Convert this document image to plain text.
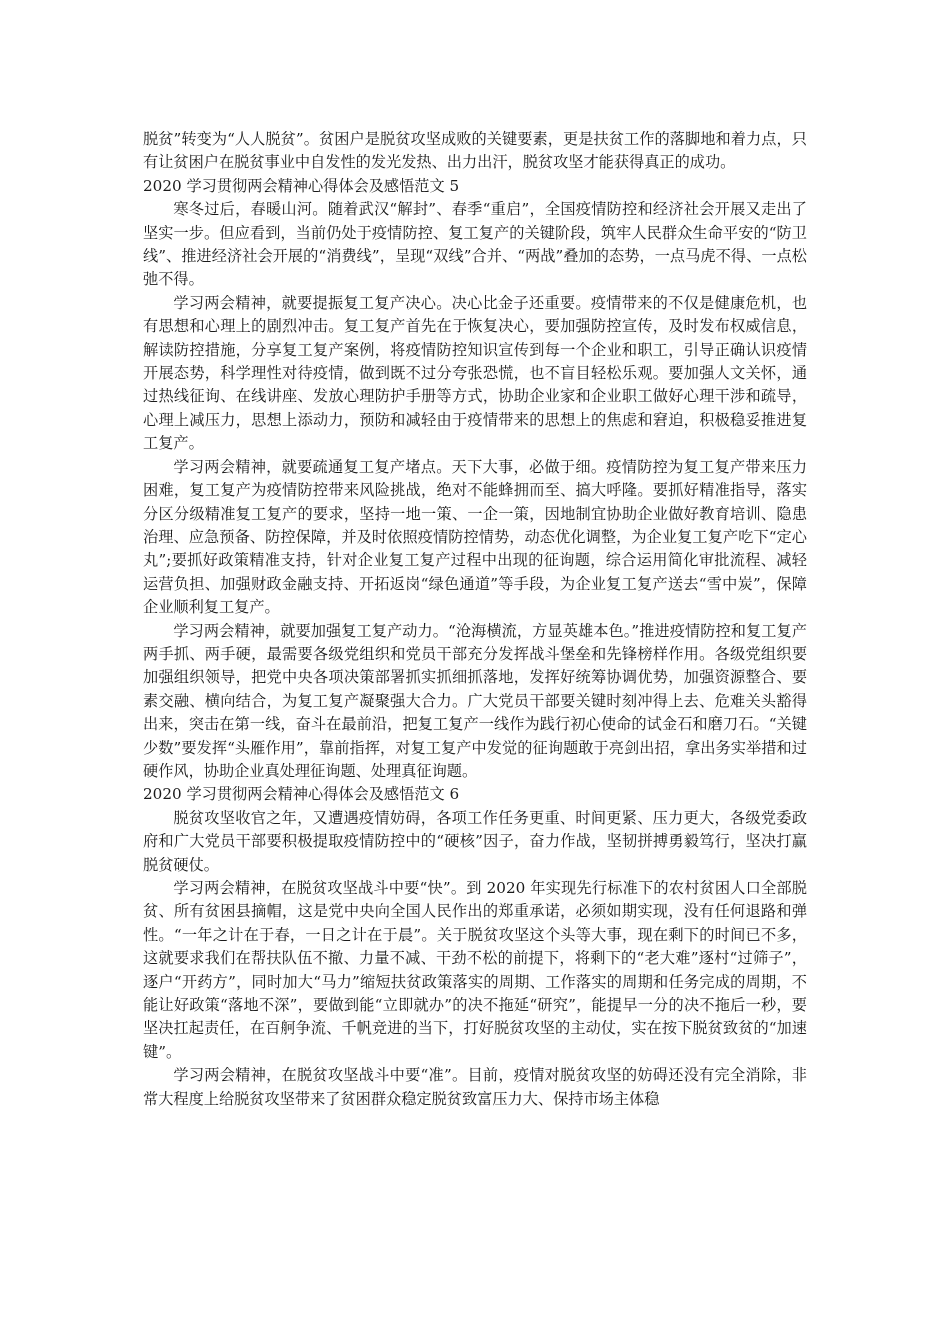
脱贫”转变为“人人脱贫”。贫困户是脱贫攻坚成败的关键要素，更是扶贫工作的落脚地和着力点，只有让贫困户在脱贫事业中自发性的发光发热、出力出汗，脱贫攻坚才能获得真正的成功。

2020 学习贯彻两会精神心得体会及感悟范文 5

寒冬过后，春暖山河。随着武汉“解封”、春季“重启”，全国疫情防控和经济社会开展又走出了坚实一步。但应看到，当前仍处于疫情防控、复工复产的关键阶段，筑牢人民群众生命平安的“防卫线”、推进经济社会开展的“消费线”，呈现“双线”合并、“两战”叠加的态势，一点马虎不得、一点松弛不得。

学习两会精神，就要提振复工复产决心。决心比金子还重要。疫情带来的不仅是健康危机，也有思想和心理上的剧烈冲击。复工复产首先在于恢复决心，要加强防控宣传，及时发布权威信息，解读防控措施，分享复工复产案例，将疫情防控知识宣传到每一个企业和职工，引导正确认识疫情开展态势，科学理性对待疫情，做到既不过分夸张恐慌，也不盲目轻松乐观。要加强人文关怀，通过热线征询、在线讲座、发放心理防护手册等方式，协助企业家和企业职工做好心理干涉和疏导，心理上减压力，思想上添动力，预防和减轻由于疫情带来的思想上的焦虑和窘迫，积极稳妥推进复工复产。

学习两会精神，就要疏通复工复产堵点。天下大事，必做于细。疫情防控为复工复产带来压力困难，复工复产为疫情防控带来风险挑战，绝对不能蜂拥而至、搞大呼隆。要抓好精准指导，落实分区分级精准复工复产的要求，坚持一地一策、一企一策，因地制宜协助企业做好教育培训、隐患治理、应急预备、防控保障，并及时依照疫情防控情势，动态优化调整，为企业复工复产吃下“定心丸”;要抓好政策精准支持，针对企业复工复产过程中出现的征询题，综合运用简化审批流程、减轻运营负担、加强财政金融支持、开拓返岗“绿色通道”等手段，为企业复工复产送去“雪中炭”，保障企业顺利复工复产。

学习两会精神，就要加强复工复产动力。“沧海横流，方显英雄本色。”推进疫情防控和复工复产两手抓、两手硬，最需要各级党组织和党员干部充分发挥战斗堡垒和先锋榜样作用。各级党组织要加强组织领导，把党中央各项决策部署抓实抓细抓落地，发挥好统筹协调优势，加强资源整合、要素交融、横向结合，为复工复产凝聚强大合力。广大党员干部要关键时刻冲得上去、危难关头豁得出来，突击在第一线，奋斗在最前沿，把复工复产一线作为践行初心使命的试金石和磨刀石。“关键少数”要发挥“头雁作用”，靠前指挥，对复工复产中发觉的征询题敢于亮剑出招，拿出务实举措和过硬作风，协助企业真处理征询题、处理真征询题。

2020 学习贯彻两会精神心得体会及感悟范文 6

脱贫攻坚收官之年，又遭遇疫情妨碍，各项工作任务更重、时间更紧、压力更大，各级党委政府和广大党员干部要积极提取疫情防控中的“硬核”因子，奋力作战，坚韧拼搏勇毅笃行，坚决打赢脱贫硬仗。

学习两会精神，在脱贫攻坚战斗中要“快”。到 2020 年实现先行标准下的农村贫困人口全部脱贫、所有贫困县摘帽，这是党中央向全国人民作出的郑重承诺，必须如期实现，没有任何退路和弹性。“一年之计在于春，一日之计在于晨”。关于脱贫攻坚这个头等大事，现在剩下的时间已不多，这就要求我们在帮扶队伍不撤、力量不减、干劲不松的前提下，将剩下的“老大难”逐村“过筛子”，逐户“开药方”，同时加大“马力”缩短扶贫政策落实的周期、工作落实的周期和任务完成的周期，不能让好政策“落地不深”，要做到能“立即就办”的决不拖延“研究”，能提早一分的决不拖后一秒，要坚决扛起责任，在百舸争流、千帆竞进的当下，打好脱贫攻坚的主动仗，实在按下脱贫致贫的“加速键”。

学习两会精神，在脱贫攻坚战斗中要“准”。目前，疫情对脱贫攻坚的妨碍还没有完全消除，非常大程度上给脱贫攻坚带来了贫困群众稳定脱贫致富压力大、保持市场主体稳
